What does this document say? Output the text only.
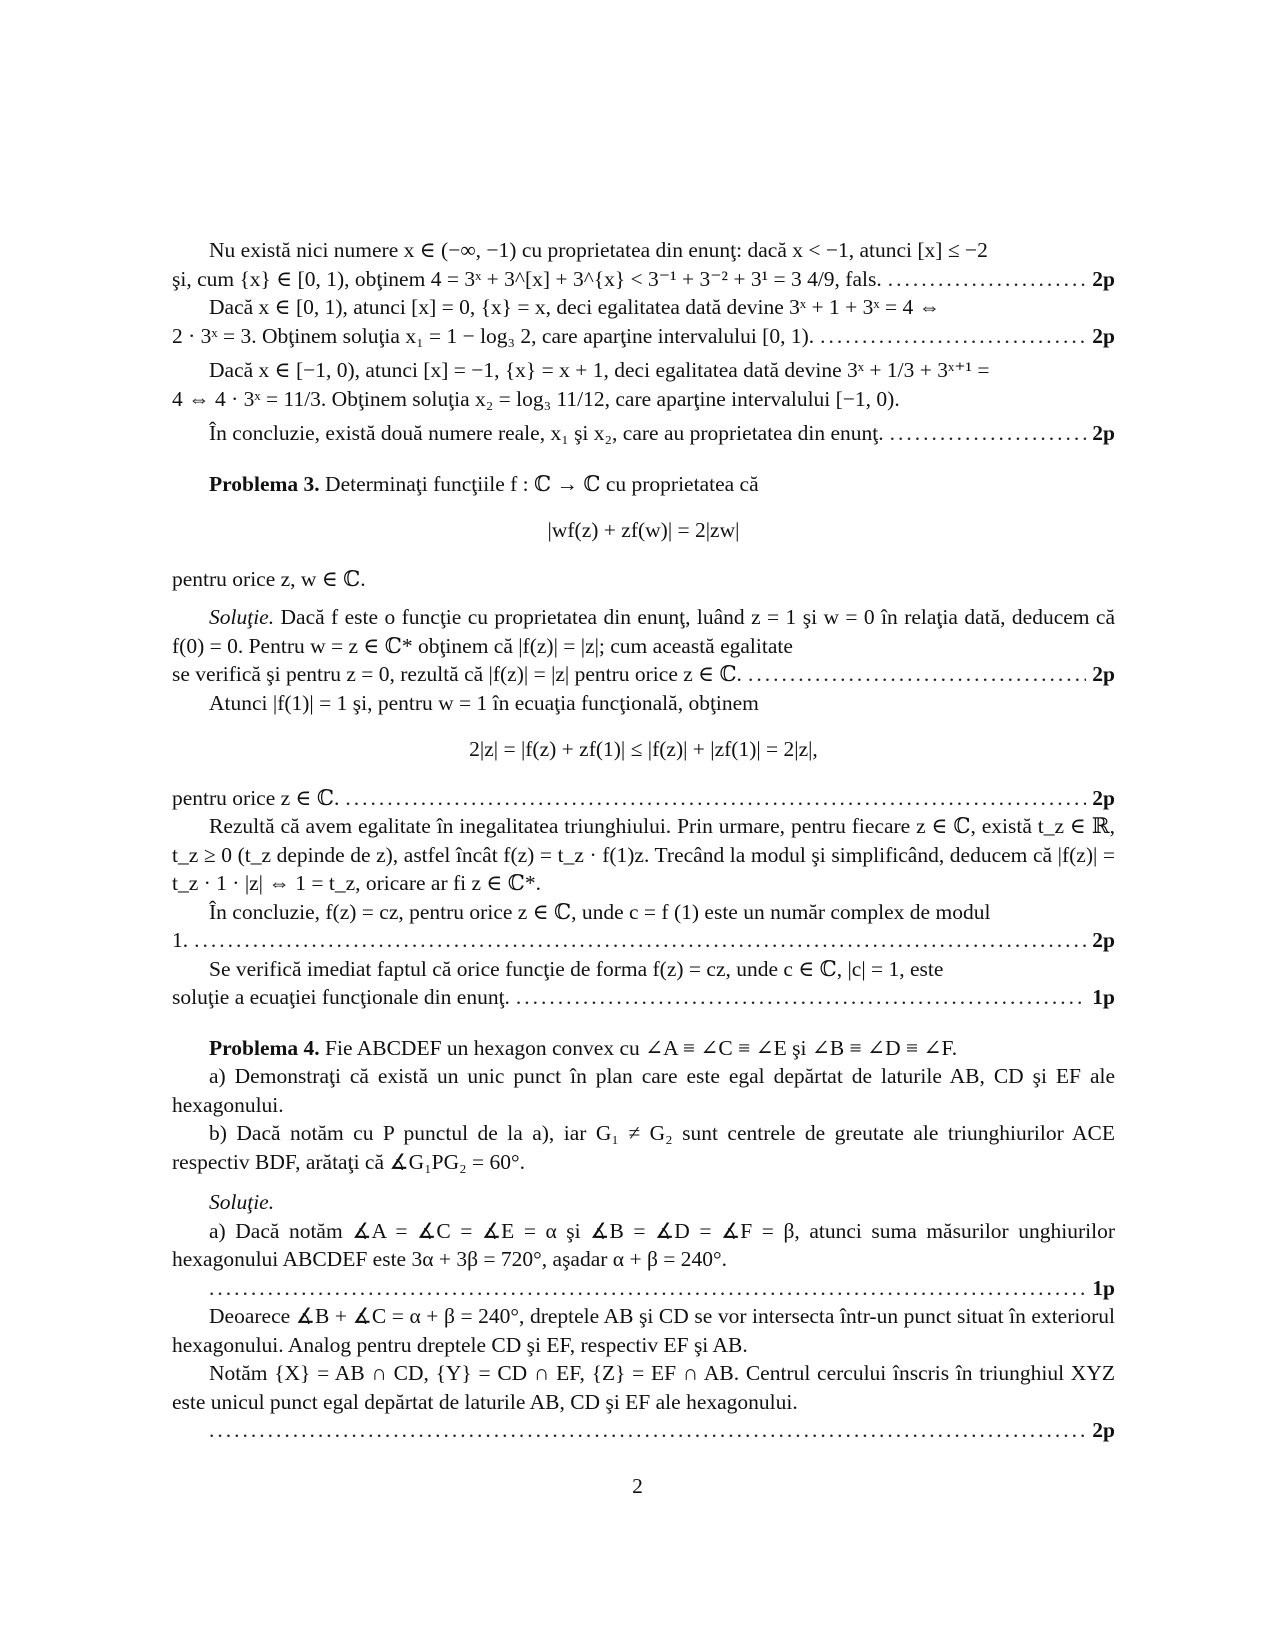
Nu există nici numere x ∈ (−∞, −1) cu proprietatea din enunţ: dacă x < −1, atunci [x] ≤ −2

şi, cum {x} ∈ [0, 1), obţinem 4 = 3ˣ + 3^[x] + 3^{x} < 3⁻¹ + 3⁻² + 3¹ = 3 4/9, fals. .....	2p

Dacă x ∈ [0, 1), atunci [x] = 0, {x} = x, deci egalitatea dată devine 3ˣ + 1 + 3ˣ = 4 ⇔

2 · 3ˣ = 3. Obţinem soluţia x₁ = 1 − log₃ 2, care aparţine intervalului [0, 1). .....	2p

Dacă x ∈ [−1, 0), atunci [x] = −1, {x} = x + 1, deci egalitatea dată devine 3ˣ + 1/3 + 3ˣ⁺¹ =

4 ⇔ 4 · 3ˣ = 11/3. Obţinem soluţia x₂ = log₃ 11/12, care aparţine intervalului [−1, 0).

În concluzie, există două numere reale, x₁ şi x₂, care au proprietatea din enunţ. .....	2p

Problema 3. Determinaţi funcţiile f : ℂ → ℂ cu proprietatea că

|wf(z) + zf(w)| = 2|zw|

pentru orice z, w ∈ ℂ.

Soluţie. Dacă f este o funcţie cu proprietatea din enunţ, luând z = 1 şi w = 0 în relaţia dată, deducem că f(0) = 0. Pentru w = z ∈ ℂ* obţinem că |f(z)| = |z|; cum această egalitate

se verifică şi pentru z = 0, rezultă că |f(z)| = |z| pentru orice z ∈ ℂ. .....	2p

Atunci |f(1)| = 1 şi, pentru w = 1 în ecuaţia funcţională, obţinem

2|z| = |f(z) + zf(1)| ≤ |f(z)| + |zf(1)| = 2|z|,
pentru orice z ∈ ℂ. .....	2p

Rezultă că avem egalitate în inegalitatea triunghiului. Prin urmare, pentru fiecare z ∈ ℂ, există t_z ∈ ℝ, t_z ≥ 0 (t_z depinde de z), astfel încât f(z) = t_z · f(1)z. Trecând la modul şi simplificând, deducem că |f(z)| = t_z · 1 · |z| ⇔ 1 = t_z, oricare ar fi z ∈ ℂ*.

În concluzie, f(z) = cz, pentru orice z ∈ ℂ, unde c = f (1) este un număr complex de modul

1. .....	2p

Se verifică imediat faptul că orice funcţie de forma f(z) = cz, unde c ∈ ℂ, |c| = 1, este

soluţie a ecuaţiei funcţionale din enunţ. .....	1p

Problema 4. Fie ABCDEF un hexagon convex cu ∠A ≡ ∠C ≡ ∠E şi ∠B ≡ ∠D ≡ ∠F.

a) Demonstraţi că există un unic punct în plan care este egal depărtat de laturile AB, CD şi EF ale hexagonului.

b) Dacă notăm cu P punctul de la a), iar G₁ ≠ G₂ sunt centrele de greutate ale triunghiurilor ACE respectiv BDF, arătaţi că ∡G₁PG₂ = 60°.

Soluţie.

a) Dacă notăm ∡A = ∡C = ∡E = α şi ∡B = ∡D = ∡F = β, atunci suma măsurilor unghiurilor hexagonului ABCDEF este 3α + 3β = 720°, aşadar α + β = 240°.

.....
1p

Deoarece ∡B + ∡C = α + β = 240°, dreptele AB şi CD se vor intersecta într-un punct situat în exteriorul hexagonului. Analog pentru dreptele CD şi EF, respectiv EF şi AB.

Notăm {X} = AB ∩ CD, {Y} = CD ∩ EF, {Z} = EF ∩ AB. Centrul cercului înscris în triunghiul XYZ este unicul punct egal depărtat de laturile AB, CD şi EF ale hexagonului.

.....
2p
2
